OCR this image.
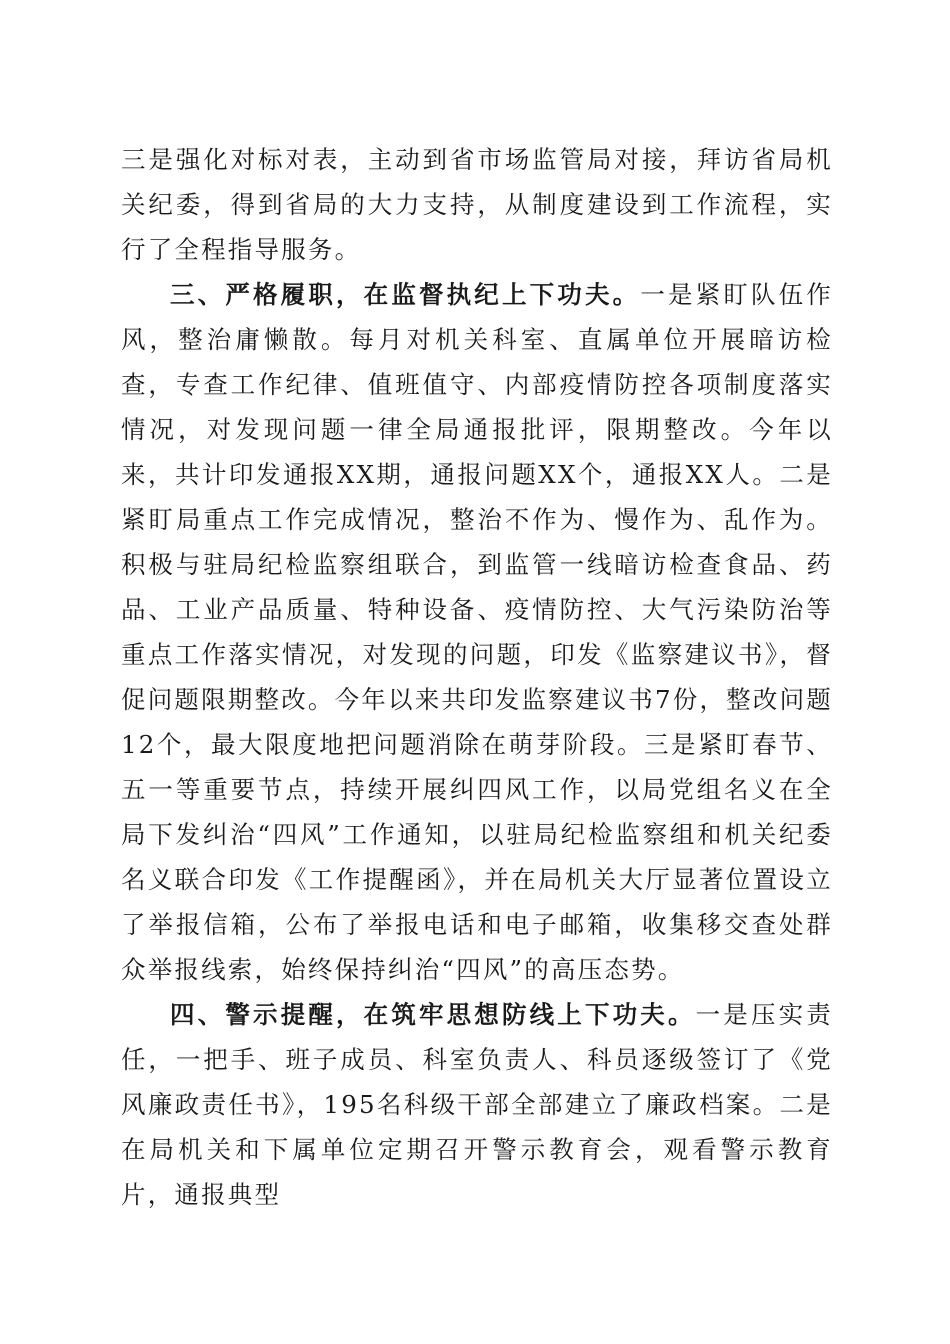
三是强化对标对表，主动到省市场监管局对接，拜访省局机关纪委，得到省局的大力支持，从制度建设到工作流程，实行了全程指导服务。

三、严格履职，在监督执纪上下功夫。一是紧盯队伍作风，整治庸懒散。每月对机关科室、直属单位开展暗访检查，专查工作纪律、值班值守、内部疫情防控各项制度落实情况，对发现问题一律全局通报批评，限期整改。今年以来，共计印发通报XX期，通报问题XX个，通报XX人。二是紧盯局重点工作完成情况，整治不作为、慢作为、乱作为。积极与驻局纪检监察组联合，到监管一线暗访检查食品、药品、工业产品质量、特种设备、疫情防控、大气污染防治等重点工作落实情况，对发现的问题，印发《监察建议书》，督促问题限期整改。今年以来共印发监察建议书7份，整改问题12个，最大限度地把问题消除在萌芽阶段。三是紧盯春节、五一等重要节点，持续开展纠四风工作，以局党组名义在全局下发纠治“四风”工作通知，以驻局纪检监察组和机关纪委名义联合印发《工作提醒函》，并在局机关大厅显著位置设立了举报信箱，公布了举报电话和电子邮箱，收集移交查处群众举报线索，始终保持纠治“四风”的高压态势。

四、警示提醒，在筑牢思想防线上下功夫。一是压实责任，一把手、班子成员、科室负责人、科员逐级签订了《党风廉政责任书》，195名科级干部全部建立了廉政档案。二是在局机关和下属单位定期召开警示教育会，观看警示教育片，通报典型
